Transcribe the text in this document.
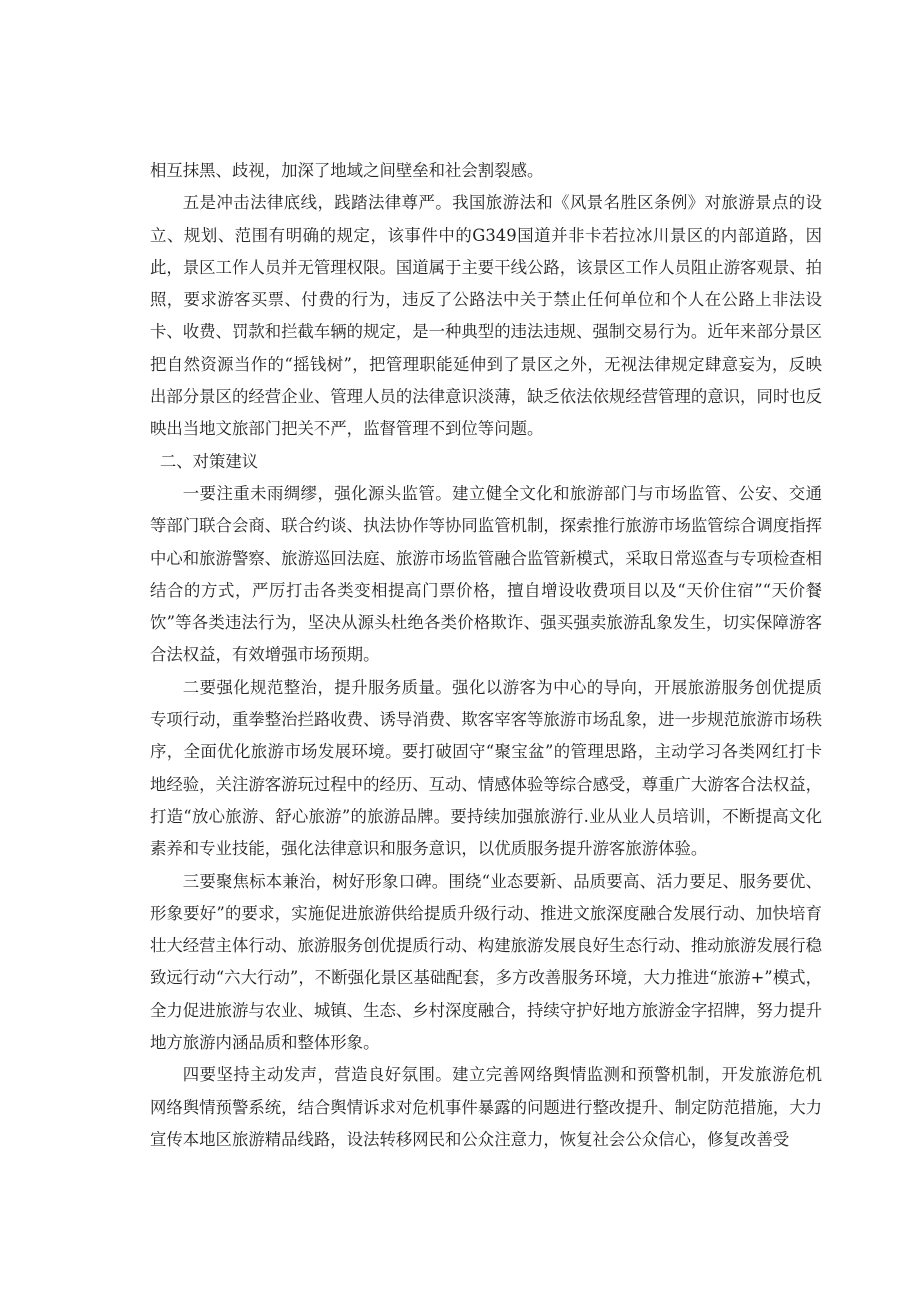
相互抹黑、歧视，加深了地域之间壁垒和社会割裂感。

五是冲击法律底线，践踏法律尊严。我国旅游法和《风景名胜区条例》对旅游景点的设立、规划、范围有明确的规定，该事件中的G349国道并非卡若拉冰川景区的内部道路，因此，景区工作人员并无管理权限。国道属于主要干线公路，该景区工作人员阻止游客观景、拍照，要求游客买票、付费的行为，违反了公路法中关于禁止任何单位和个人在公路上非法设卡、收费、罚款和拦截车辆的规定，是一种典型的违法违规、强制交易行为。近年来部分景区把自然资源当作的“摇钱树”，把管理职能延伸到了景区之外，无视法律规定肆意妄为，反映出部分景区的经营企业、管理人员的法律意识淡薄，缺乏依法依规经营管理的意识，同时也反映出当地文旅部门把关不严，监督管理不到位等问题。

二、对策建议

一要注重未雨绸缪，强化源头监管。建立健全文化和旅游部门与市场监管、公安、交通等部门联合会商、联合约谈、执法协作等协同监管机制，探索推行旅游市场监管综合调度指挥中心和旅游警察、旅游巡回法庭、旅游市场监管融合监管新模式，采取日常巡查与专项检查相结合的方式，严厉打击各类变相提高门票价格，擅自增设收费项目以及“天价住宿”“天价餐饮”等各类违法行为，坚决从源头杜绝各类价格欺诈、强买强卖旅游乱象发生，切实保障游客合法权益，有效增强市场预期。

二要强化规范整治，提升服务质量。强化以游客为中心的导向，开展旅游服务创优提质专项行动，重拳整治拦路收费、诱导消费、欺客宰客等旅游市场乱象，进一步规范旅游市场秩序，全面优化旅游市场发展环境。要打破固守“聚宝盆”的管理思路，主动学习各类网红打卡地经验，关注游客游玩过程中的经历、互动、情感体验等综合感受，尊重广大游客合法权益，打造“放心旅游、舒心旅游”的旅游品牌。要持续加强旅游行.业从业人员培训，不断提高文化素养和专业技能，强化法律意识和服务意识，以优质服务提升游客旅游体验。

三要聚焦标本兼治，树好形象口碑。围绕“业态要新、品质要高、活力要足、服务要优、形象要好”的要求，实施促进旅游供给提质升级行动、推进文旅深度融合发展行动、加快培育壮大经营主体行动、旅游服务创优提质行动、构建旅游发展良好生态行动、推动旅游发展行稳致远行动“六大行动”，不断强化景区基础配套，多方改善服务环境，大力推进“旅游+”模式，全力促进旅游与农业、城镇、生态、乡村深度融合，持续守护好地方旅游金字招牌，努力提升地方旅游内涵品质和整体形象。

四要坚持主动发声，营造良好氛围。建立完善网络舆情监测和预警机制，开发旅游危机网络舆情预警系统，结合舆情诉求对危机事件暴露的问题进行整改提升、制定防范措施，大力宣传本地区旅游精品线路，设法转移网民和公众注意力，恢复社会公众信心，修复改善受
